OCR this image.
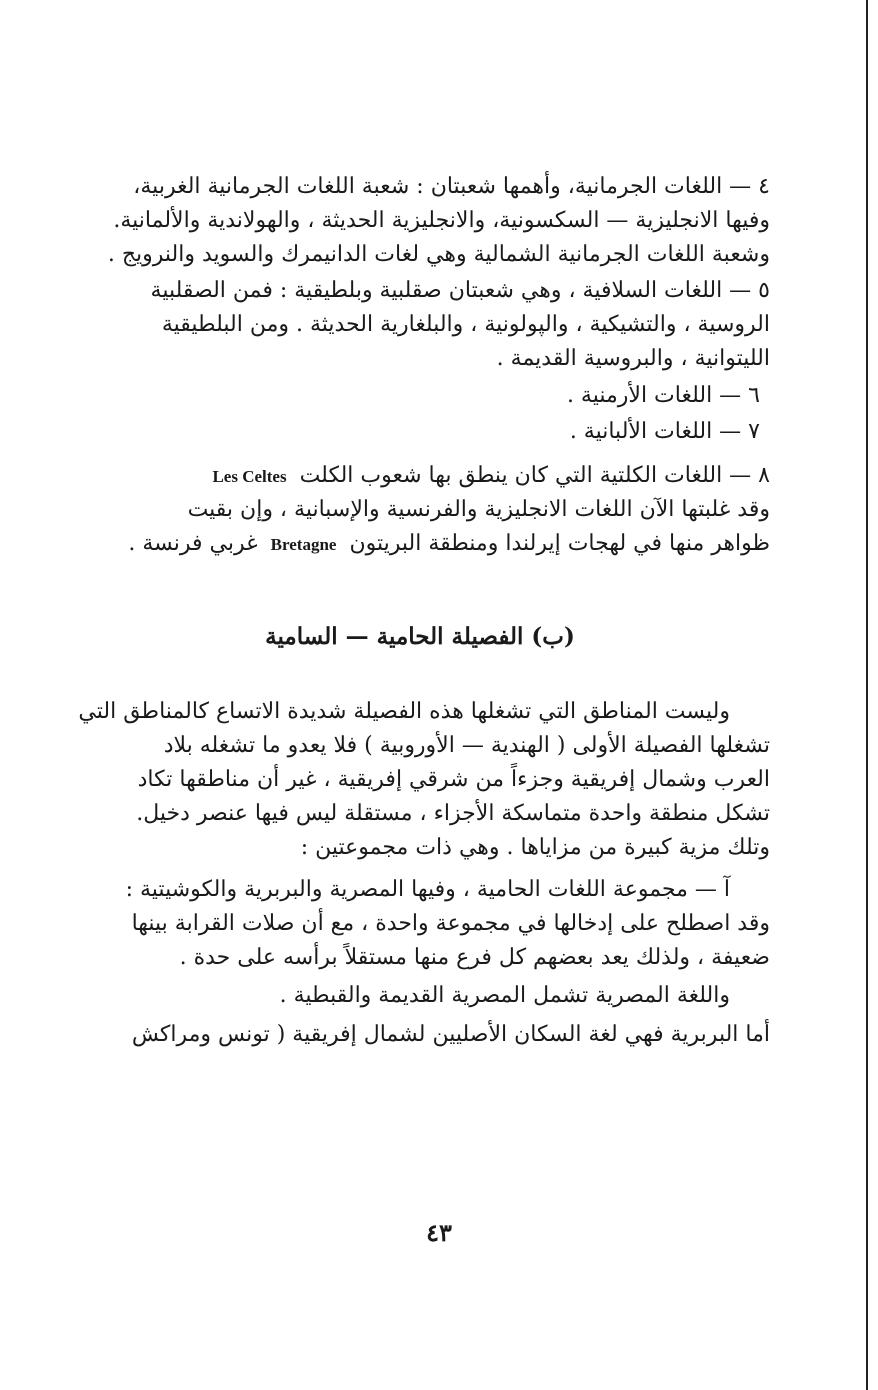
٤ — اللغات الجرمانية، وأهمها شعبتان : شعبة اللغات الجرمانية الغربية،
وفيها الانجليزية — السكسونية، والانجليزية الحديثة ، والهولاندية والألمانية.
وشعبة اللغات الجرمانية الشمالية وهي لغات الدانيمرك والسويد والنرويج .
٥ — اللغات السلافية ، وهي شعبتان صقلبية وبلطيقية : فمن الصقلبية
الروسية ، والتشيكية ، والپولونية ، والبلغارية الحديثة . ومن البلطيقية
الليتوانية ، والبروسية القديمة .
٦ — اللغات الأرمنية .
٧ — اللغات الألبانية .
٨ — اللغات الكلتية التي كان ينطق بها شعوب الكلت Les Celtes
وقد غلبتها الآن اللغات الانجليزية والفرنسية والإسبانية ، وإن بقيت
ظواهر منها في لهجات إيرلندا ومنطقة البريتون Bretagne غربي فرنسة .
(ب) الفصيلة الحامية — السامية
وليست المناطق التي تشغلها هذه الفصيلة شديدة الاتساع كالمناطق التي
تشغلها الفصيلة الأولى ( الهندية — الأوروبية ) فلا يعدو ما تشغله بلاد
العرب وشمال إفريقية وجزءاً من شرقي إفريقية ، غير أن مناطقها تكاد
تشكل منطقة واحدة متماسكة الأجزاء ، مستقلة ليس فيها عنصر دخيل.
وتلك مزية كبيرة من مزاياها . وهي ذات مجموعتين :
آ — مجموعة اللغات الحامية ، وفيها المصرية والبربرية والكوشيتية :
وقد اصطلح على إدخالها في مجموعة واحدة ، مع أن صلات القرابة بينها
ضعيفة ، ولذلك يعد بعضهم كل فرع منها مستقلاً برأسه على حدة .
واللغة المصرية تشمل المصرية القديمة والقبطية .
أما البربرية فهي لغة السكان الأصليين لشمال إفريقية ( تونس ومراكش
٤٣
